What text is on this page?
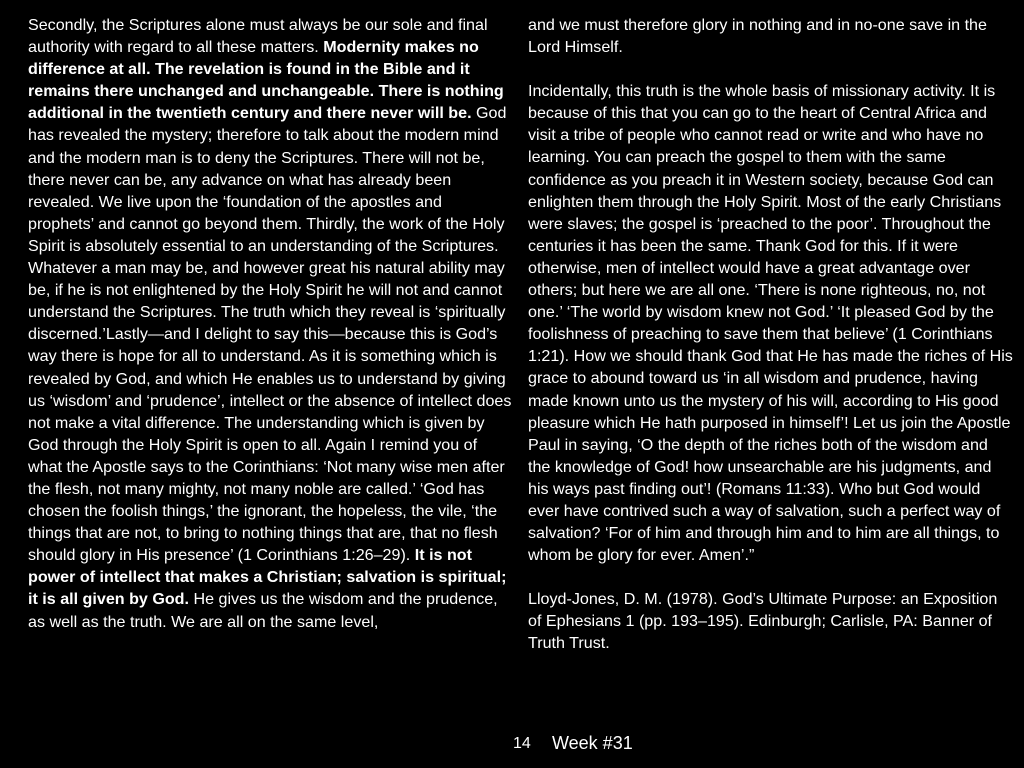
Secondly, the Scriptures alone must always be our sole and final authority with regard to all these matters. Modernity makes no difference at all. The revelation is found in the Bible and it remains there unchanged and unchangeable. There is nothing additional in the twentieth century and there never will be. God has revealed the mystery; therefore to talk about the modern mind and the modern man is to deny the Scriptures. There will not be, there never can be, any advance on what has already been revealed. We live upon the ‘foundation of the apostles and prophets’ and cannot go beyond them. Thirdly, the work of the Holy Spirit is absolutely essential to an understanding of the Scriptures. Whatever a man may be, and however great his natural ability may be, if he is not enlightened by the Holy Spirit he will not and cannot understand the Scriptures. The truth which they reveal is ‘spiritually discerned.’Lastly—and I delight to say this—because this is God’s way there is hope for all to understand. As it is something which is revealed by God, and which He enables us to understand by giving us ‘wisdom’ and ‘prudence’, intellect or the absence of intellect does not make a vital difference. The understanding which is given by God through the Holy Spirit is open to all. Again I remind you of what the Apostle says to the Corinthians: ‘Not many wise men after the flesh, not many mighty, not many noble are called.’ ‘God has chosen the foolish things,’ the ignorant, the hopeless, the vile, ‘the things that are not, to bring to nothing things that are, that no flesh should glory in His presence’ (1 Corinthians 1:26–29). It is not power of intellect that makes a Christian; salvation is spiritual; it is all given by God. He gives us the wisdom and the prudence, as well as the truth. We are all on the same level,

and we must therefore glory in nothing and in no-one save in the Lord Himself.

Incidentally, this truth is the whole basis of missionary activity. It is because of this that you can go to the heart of Central Africa and visit a tribe of people who cannot read or write and who have no learning. You can preach the gospel to them with the same confidence as you preach it in Western society, because God can enlighten them through the Holy Spirit. Most of the early Christians were slaves; the gospel is ‘preached to the poor’. Throughout the centuries it has been the same. Thank God for this. If it were otherwise, men of intellect would have a great advantage over others; but here we are all one. ‘There is none righteous, no, not one.’ ‘The world by wisdom knew not God.’ ‘It pleased God by the foolishness of preaching to save them that believe’ (1 Corinthians 1:21). How we should thank God that He has made the riches of His grace to abound toward us ‘in all wisdom and prudence, having made known unto us the mystery of his will, according to His good pleasure which He hath purposed in himself’! Let us join the Apostle Paul in saying, ‘O the depth of the riches both of the wisdom and the knowledge of God! how unsearchable are his judgments, and his ways past finding out’! (Romans 11:33). Who but God would ever have contrived such a way of salvation, such a perfect way of salvation? ‘For of him and through him and to him are all things, to whom be glory for ever. Amen’.”

Lloyd-Jones, D. M. (1978). God’s Ultimate Purpose: an Exposition of Ephesians 1 (pp. 193–195). Edinburgh; Carlisle, PA: Banner of Truth Trust.

14 Week #31
